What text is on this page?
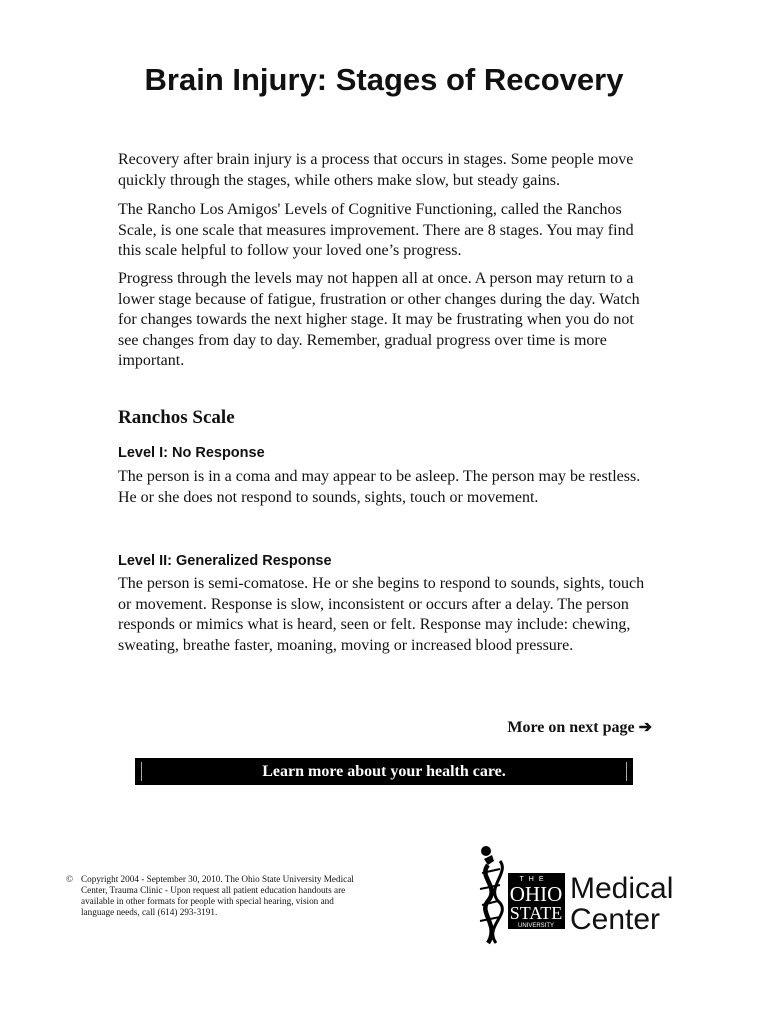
Brain Injury: Stages of Recovery

Recovery after brain injury is a process that occurs in stages. Some people move quickly through the stages, while others make slow, but steady gains.

The Rancho Los Amigos' Levels of Cognitive Functioning, called the Ranchos Scale, is one scale that measures improvement. There are 8 stages. You may find this scale helpful to follow your loved one’s progress.

Progress through the levels may not happen all at once. A person may return to a lower stage because of fatigue, frustration or other changes during the day. Watch for changes towards the next higher stage. It may be frustrating when you do not see changes from day to day. Remember, gradual progress over time is more important.

Ranchos Scale
Level I: No Response

The person is in a coma and may appear to be asleep. The person may be restless. He or she does not respond to sounds, sights, touch or movement.

Level II: Generalized Response

The person is semi-comatose. He or she begins to respond to sounds, sights, touch or movement. Response is slow, inconsistent or occurs after a delay. The person responds or mimics what is heard, seen or felt. Response may include: chewing, sweating, breathe faster, moaning, moving or increased blood pressure.

More on next page ➔
Learn more about your health care.
© Copyright 2004 - September 30, 2010. The Ohio State University Medical Center, Trauma Clinic - Upon request all patient education handouts are available in other formats for people with special hearing, vision and language needs, call (614) 293-3191.
THE
OHIO
STATE
UNIVERSITY
Medical
Center
